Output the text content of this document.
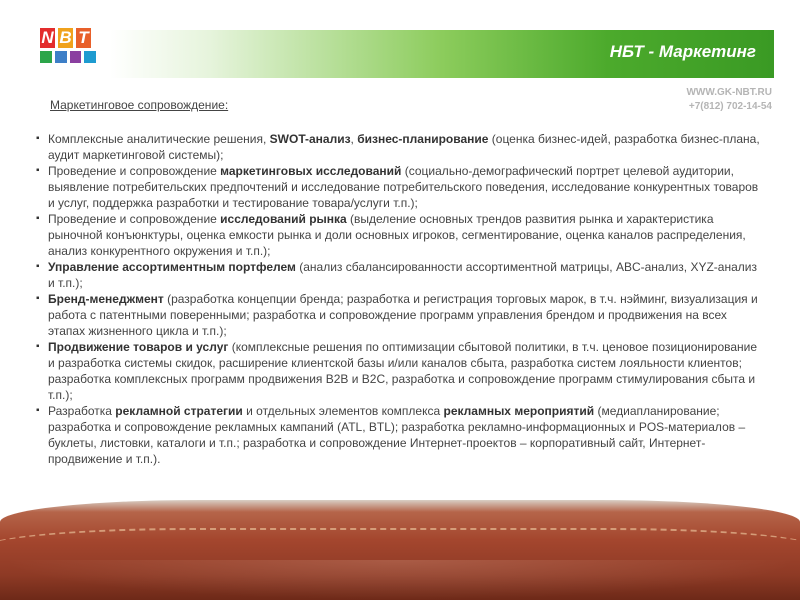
N B T
НБТ - Маркетинг
WWW.GK-NBT.RU
+7(812) 702-14-54
Маркетинговое сопровождение:

▪ Комплексные аналитические решения, SWOT-анализ, бизнес-планирование (оценка бизнес-идей, разработка бизнес-плана, аудит маркетинговой системы);

▪ Проведение и сопровождение маркетинговых исследований (социально-демографический портрет целевой аудитории, выявление потребительских предпочтений и исследование потребительского поведения, исследование конкурентных товаров и услуг, поддержка разработки и тестирование товара/услуги т.п.);

▪ Проведение и сопровождение исследований рынка (выделение основных трендов развития рынка и характеристика рыночной конъюнктуры, оценка емкости рынка и доли основных игроков, сегментирование, оценка каналов распределения, анализ конкурентного окружения и т.п.);

▪ Управление ассортиментным портфелем (анализ сбалансированности ассортиментной матрицы, ABC-анализ, XYZ-анализ и т.п.);

▪ Бренд-менеджмент (разработка концепции бренда; разработка и регистрация торговых марок, в т.ч. нэйминг, визуализация и работа с патентными поверенными; разработка и сопровождение программ управления брендом и продвижения на всех этапах жизненного цикла и т.п.);

▪ Продвижение товаров и услуг (комплексные решения по оптимизации сбытовой политики, в т.ч. ценовое позиционирование и разработка системы скидок, расширение клиентской базы и/или каналов сбыта, разработка систем лояльности клиентов; разработка комплексных программ продвижения B2B и B2C, разработка и сопровождение программ стимулирования сбыта и т.п.);

▪ Разработка рекламной стратегии и отдельных элементов комплекса рекламных мероприятий (медиапланирование; разработка и сопровождение рекламных кампаний (ATL, BTL); разработка рекламно-информационных и POS-материалов – буклеты, листовки, каталоги и т.п.; разработка и сопровождение Интернет-проектов – корпоративный сайт, Интернет-продвижение и т.п.).
